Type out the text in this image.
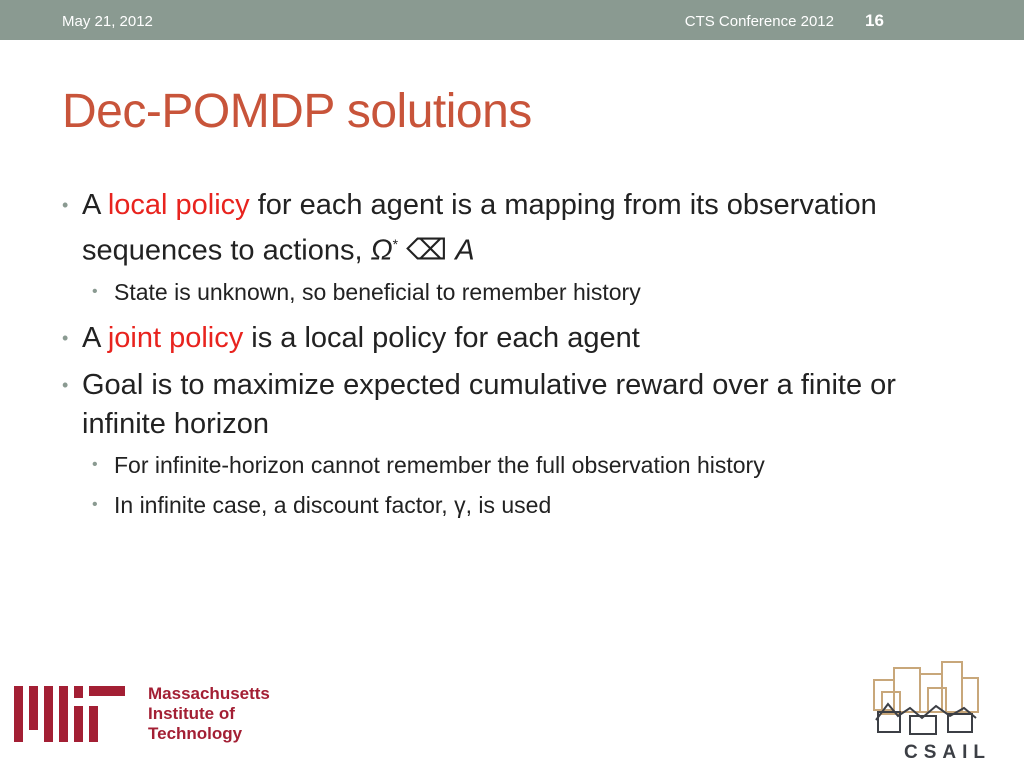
May 21, 2012	CTS Conference 2012 16
Dec-POMDP solutions
• A local policy for each agent is a mapping from its observation sequences to actions, Ω* ⌫ A
• State is unknown, so beneficial to remember history
• A joint policy is a local policy for each agent
• Goal is to maximize expected cumulative reward over a finite or infinite horizon
• For infinite-horizon cannot remember the full observation history
• In infinite case, a discount factor, γ, is used
Massachusetts
Institute of
Technology
CSAIL
